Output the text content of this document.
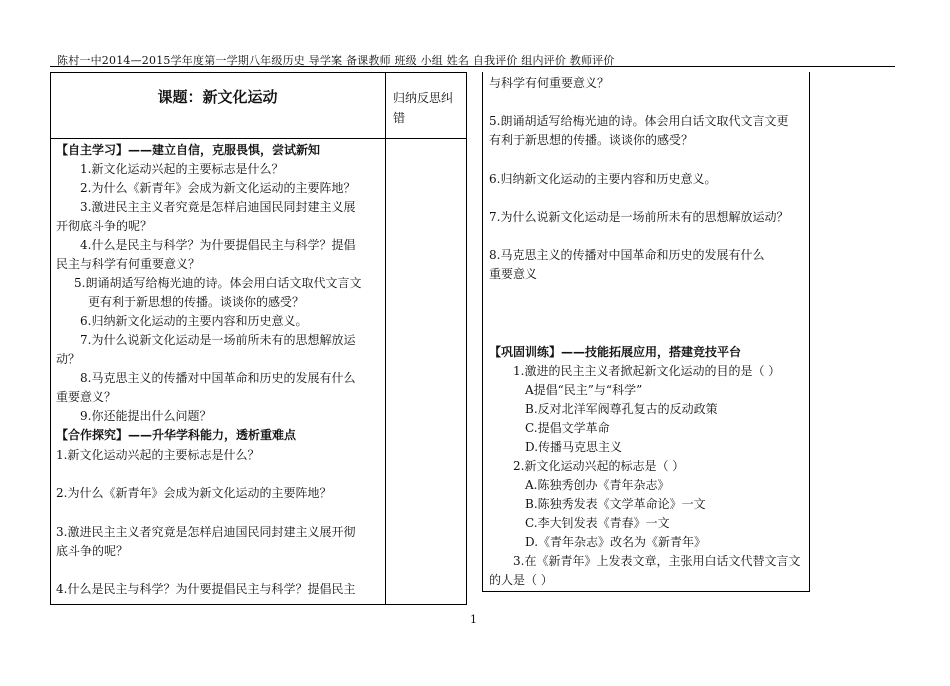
陈村一中2014—2015学年度第一学期八年级历史 导学案 备课教师 班级 小组 姓名 自我评价 组内评价 教师评价
课题：新文化运动	归纳反思纠错
【自主学习】——建立自信，克服畏惧，尝试新知
1.新文化运动兴起的主要标志是什么？
2.为什么《新青年》会成为新文化运动的主要阵地？
3.激进民主主义者究竟是怎样启迪国民同封建主义展
开彻底斗争的呢？
4.什么是民主与科学？为什要提倡民主与科学？提倡
民主与科学有何重要意义？
5.朗诵胡适写给梅光迪的诗。体会用白话文取代文言文
更有利于新思想的传播。谈谈你的感受？
6.归纳新文化运动的主要内容和历史意义。
7.为什么说新文化运动是一场前所未有的思想解放运
动？
8.马克思主义的传播对中国革命和历史的发展有什么
重要意义？
9.你还能提出什么问题？
【合作探究】——升华学科能力，透析重难点
1.新文化运动兴起的主要标志是什么？
2.为什么《新青年》会成为新文化运动的主要阵地？
3.激进民主主义者究竟是怎样启迪国民同封建主义展开彻
底斗争的呢？
4.什么是民主与科学？为什要提倡民主与科学？提倡民主
与科学有何重要意义？
5.朗诵胡适写给梅光迪的诗。体会用白话文取代文言文更
有利于新思想的传播。谈谈你的感受？
6.归纳新文化运动的主要内容和历史意义。
7.为什么说新文化运动是一场前所未有的思想解放运动？
8.马克思主义的传播对中国革命和历史的发展有什么
重要意义
【巩固训练】——技能拓展应用，搭建竞技平台
1.激进的民主主义者掀起新文化运动的目的是（ ）
A提倡“民主”与“科学”
B.反对北洋军阀尊孔复古的反动政策
C.提倡文学革命
D.传播马克思主义
2.新文化运动兴起的标志是（ ）
A.陈独秀创办《青年杂志》
B.陈独秀发表《文学革命论》一文
C.李大钊发表《青春》一文
D.《青年杂志》改名为《新青年》
3.在《新青年》上发表文章，主张用白话文代替文言文
的人是（ ）
1
